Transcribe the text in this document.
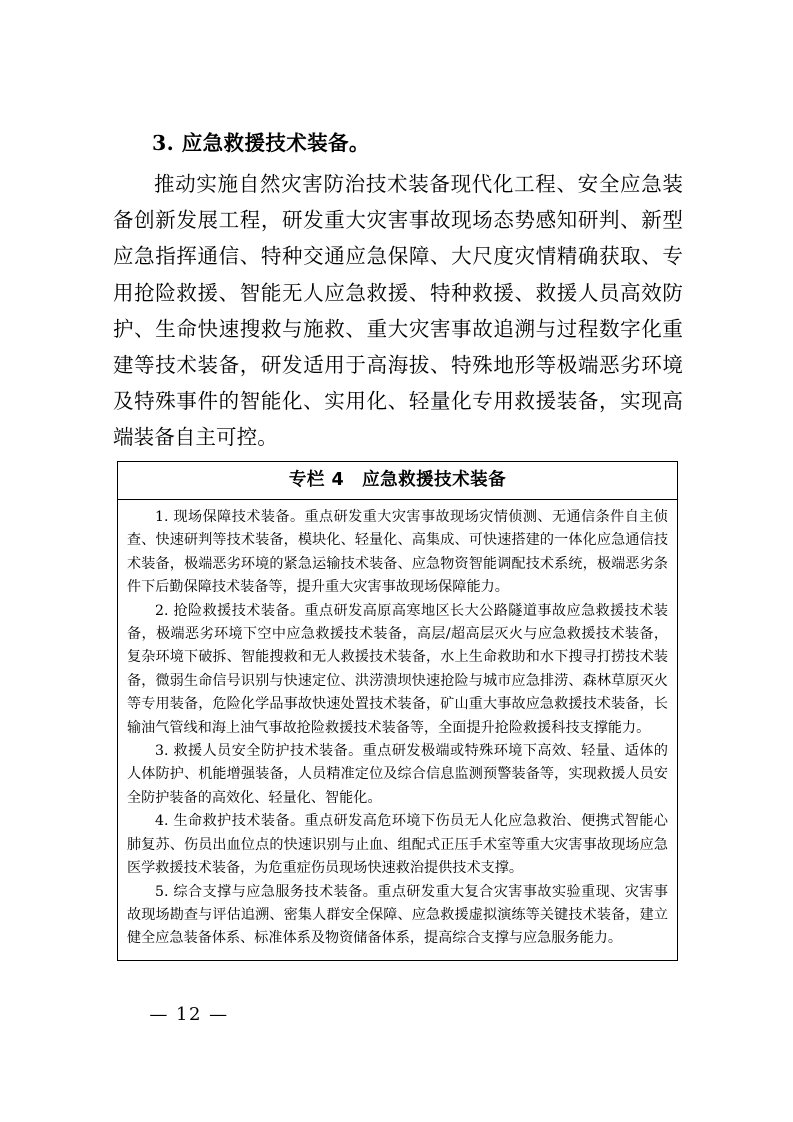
3. 应急救援技术装备。

推动实施自然灾害防治技术装备现代化工程、安全应急装备创新发展工程，研发重大灾害事故现场态势感知研判、新型应急指挥通信、特种交通应急保障、大尺度灾情精确获取、专用抢险救援、智能无人应急救援、特种救援、救援人员高效防护、生命快速搜救与施救、重大灾害事故追溯与过程数字化重建等技术装备，研发适用于高海拔、特殊地形等极端恶劣环境及特殊事件的智能化、实用化、轻量化专用救援装备，实现高端装备自主可控。

专栏 4　应急救援技术装备

1. 现场保障技术装备。重点研发重大灾害事故现场灾情侦测、无通信条件自主侦查、快速研判等技术装备，模块化、轻量化、高集成、可快速搭建的一体化应急通信技术装备，极端恶劣环境的紧急运输技术装备、应急物资智能调配技术系统，极端恶劣条件下后勤保障技术装备等，提升重大灾害事故现场保障能力。

2. 抢险救援技术装备。重点研发高原高寒地区长大公路隧道事故应急救援技术装备，极端恶劣环境下空中应急救援技术装备，高层/超高层灭火与应急救援技术装备，复杂环境下破拆、智能搜救和无人救援技术装备，水上生命救助和水下搜寻打捞技术装备，微弱生命信号识别与快速定位、洪涝溃坝快速抢险与城市应急排涝、森林草原灭火等专用装备，危险化学品事故快速处置技术装备，矿山重大事故应急救援技术装备，长输油气管线和海上油气事故抢险救援技术装备等，全面提升抢险救援科技支撑能力。

3. 救援人员安全防护技术装备。重点研发极端或特殊环境下高效、轻量、适体的人体防护、机能增强装备，人员精准定位及综合信息监测预警装备等，实现救援人员安全防护装备的高效化、轻量化、智能化。

4. 生命救护技术装备。重点研发高危环境下伤员无人化应急救治、便携式智能心肺复苏、伤员出血位点的快速识别与止血、组配式正压手术室等重大灾害事故现场应急医学救援技术装备，为危重症伤员现场快速救治提供技术支撑。

5. 综合支撑与应急服务技术装备。重点研发重大复合灾害事故实验重现、灾害事故现场勘查与评估追溯、密集人群安全保障、应急救援虚拟演练等关键技术装备，建立健全应急装备体系、标准体系及物资储备体系，提高综合支撑与应急服务能力。

— 12 —
